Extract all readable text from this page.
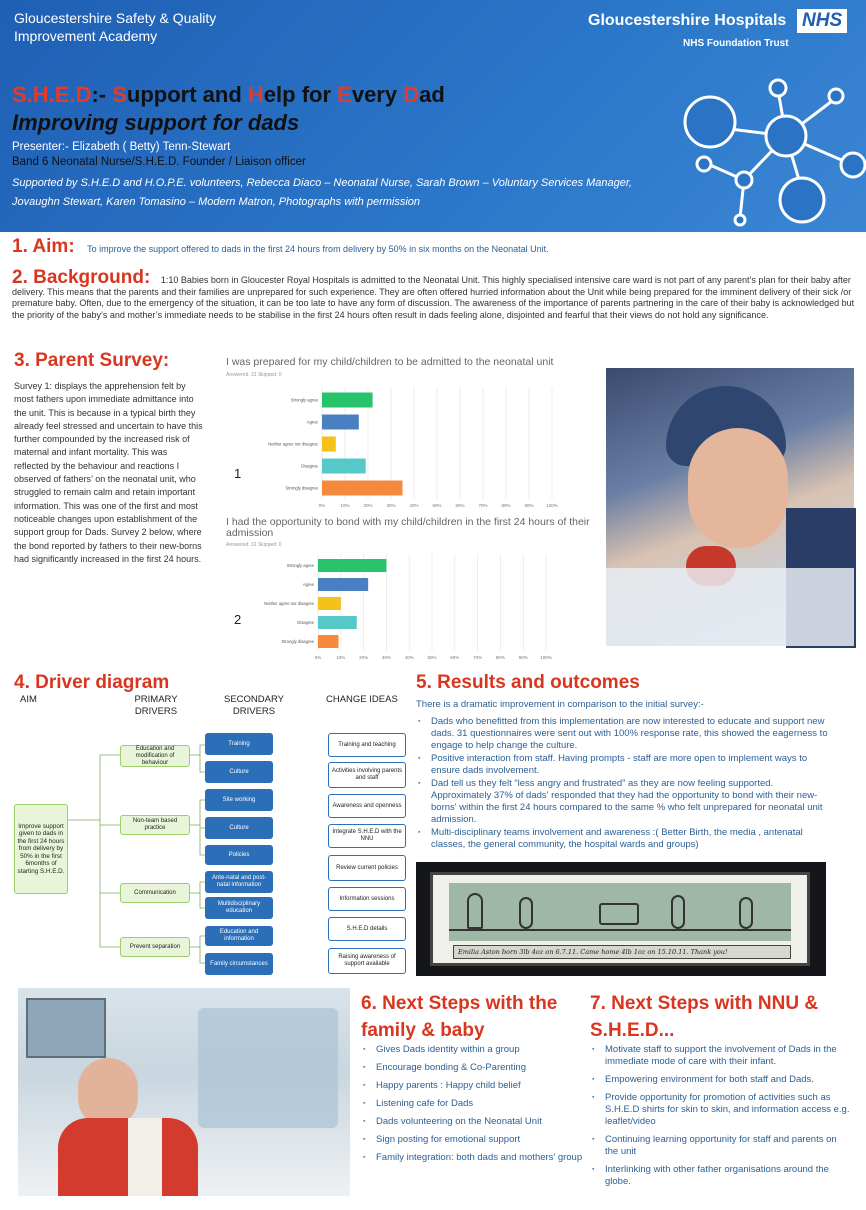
Gloucestershire Safety & Quality Improvement Academy
Gloucestershire Hospitals NHS
NHS Foundation Trust
S.H.E.D:- Support and Help for Every Dad
Improving support for dads
Presenter:- Elizabeth ( Betty) Tenn-Stewart
Band 6 Neonatal Nurse/S.H.E.D. Founder / Liaison officer
Supported by S.H.E.D and H.O.P.E. volunteers, Rebecca Diaco – Neonatal Nurse, Sarah Brown – Voluntary Services Manager, Jovaughn Stewart, Karen Tomasino – Modern Matron, Photographs with permission
1. Aim: To improve the support offered to dads in the first 24 hours from delivery by 50% in six months on the Neonatal Unit.
2. Background: 1:10 Babies born in Gloucester Royal Hospitals is admitted to the Neonatal Unit. This highly specialised intensive care ward is not part of any parent’s plan for their baby after delivery. This means that the parents and their families are unprepared for such experience. They are often offered hurried information about the Unit while being prepared for the imminent delivery of their sick /or premature baby. Often, due to the emergency of the situation, it can be too late to have any form of discussion. The awareness of the importance of parents partnering in the care of their baby is acknowledged but the priority of the baby’s and mother’s immediate needs to be stabilise in the first 24 hours often result in dads feeling alone, disjointed and fearful that their views do not hold any significance.
3. Parent Survey:
Survey 1: displays the apprehension felt by most fathers upon immediate admittance into the unit. This is because in a typical birth they already feel stressed and uncertain to have this further compounded by the increased risk of maternal and infant mortality. This was reflected by the behaviour and reactions I observed of fathers’ on the neonatal unit, who struggled to remain calm and retain important information. This was one of the first and most noticeable changes upon establishment of the support group for Dads. Survey 2 below, where the bond reported by fathers to their new-borns had significantly increased in the first 24 hours.
1
2
I was prepared for my child/children to be admitted to the neonatal unit
Answered: 31 Skipped: 0
0%	10%	20%	30%	40%	50%	60%	70%	80%	90%	100%
Strongly agree
Agree
Neither agree nor disagree
Disagree
Strongly disagree
I had the opportunity to bond with my child/children in the first 24 hours of their admission
Answered: 31 Skipped: 0
0%	10%	20%	30%	40%	50%	60%	70%	80%	90%	100%
Strongly agree
Agree
Neither agree nor disagree
Disagree
Strongly disagree
4. Driver diagram
AIM	PRIMARY DRIVERS
SECONDARY DRIVERS
CHANGE IDEAS
Improve support given to dads in the first 24 hours from delivery by 50% in the first 6months of starting S.H.E.D.
Education and modification of behaviour
Non-team based practice
Communication
Prevent separation
Training
Culture
Site working
Culture
Policies
Ante-natal and post-natal information
Multidisciplinary education
Education and information
Family circumstances
Training and teaching
Activities involving parents and staff
Awareness and openness
Integrate S.H.E.D with the NNU
Review current policies
Information sessions
S.H.E.D details
Raising awareness of support available
5. Results and outcomes
There is a dramatic improvement in comparison to the initial survey:-
▪ Dads who benefitted from this implementation are now interested to educate and support new dads. 31 questionnaires were sent out with 100% response rate, this showed the eagerness to engage to help change the culture.
▪ Positive interaction from staff. Having prompts - staff are more open to implement ways to ensure dads involvement.
▪ Dad tell us they felt “less angry and frustrated” as they are now feeling supported. Approximately 37% of dads' responded that they had the opportunity to bond with their new-borns' within the first 24 hours compared to the same % who felt unprepared for neonatal unit admission.
▪ Multi-disciplinary teams involvement and awareness :( Better Birth, the media , antenatal classes, the general community, the hospital wards and groups)
Emilia Aston born 3lb 4oz on 6.7.11. Came home 4lb 1oz on 15.10.11. Thank you!
6. Next Steps with the family & baby
▪ Gives Dads identity within a group
▪ Encourage bonding & Co-Parenting
▪ Happy parents : Happy child belief
▪ Listening cafe for Dads
▪ Dads volunteering on the Neonatal Unit
▪ Sign posting for emotional support
▪ Family integration: both dads and mothers’ group
7. Next Steps with NNU & S.H.E.D...
▪ Motivate staff to support the involvement of Dads in the immediate mode of care with their infant.
▪ Empowering environment for both staff and Dads.
▪ Provide opportunity for promotion of activities such as S.H.E.D shirts for skin to skin, and information access e.g. leaflet/video
▪ Continuing learning opportunity for staff and parents on the unit
▪ Interlinking with other father organisations around the globe.
